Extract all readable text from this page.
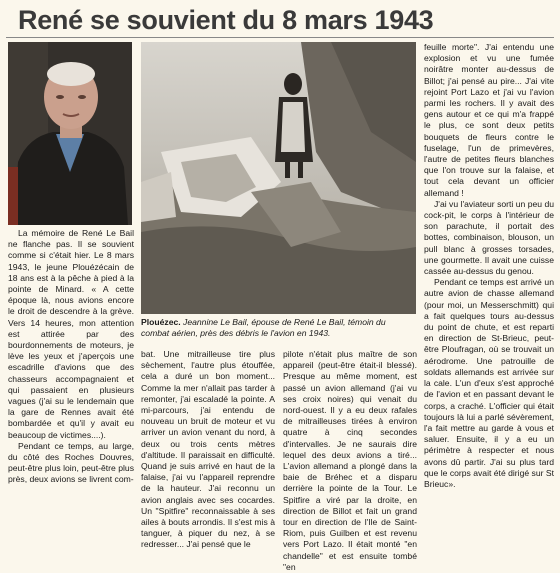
René se souvient du 8 mars 1943
Plouézec. Jeannine Le Bail, épouse de René Le Bail, témoin du combat aérien, près des débris le l'avion en 1943.

La mémoire de René Le Bail ne flanche pas. Il se souvient comme si c'était hier. Le 8 mars 1943, le jeune Plouézécain de 18 ans est à la pêche à pied à la pointe de Minard. « A cette époque là, nous avions encore le droit de descendre à la grève. Vers 14 heures, mon attention est attirée par des bourdonnements de moteurs, je lève les yeux et j'aperçois une escadrille d'avions que des chasseurs accompagnaient et qui passaient en plusieurs vagues (j'ai su le lendemain que la gare de Rennes avait été bombardée et qu'il y avait eu beaucoup de victimes....).

Pendant ce temps, au large, du côté des Roches Douvres, peut-être plus loin, peut-être plus près, deux avions se livrent com-

bat. Une mitrailleuse tire plus sèchement, l'autre plus étouffée, cela a duré un bon moment... Comme la mer n'allait pas tarder à remonter, j'ai escaladé la pointe. A mi-parcours, j'ai entendu de nouveau un bruit de moteur et vu arriver un avion venant du nord, à deux ou trois cents mètres d'altitude. Il paraissait en difficulté. Quand je suis arrivé en haut de la falaise, j'ai vu l'appareil reprendre de la hauteur. J'ai reconnu un avion anglais avec ses cocardes. Un "Spitfire" reconnaissable à ses ailes à bouts arrondis. Il s'est mis à tanguer, à piquer du nez, à se redresser... J'ai pensé que le

pilote n'était plus maître de son appareil (peut-être était-il blessé). Presque au même moment, est passé un avion allemand (j'ai vu ses croix noires) qui venait du nord-ouest. Il y a eu deux rafales de mitrailleuses tirées à environ quatre à cinq secondes d'intervalles. Je ne saurais dire lequel des deux avions a tiré... L'avion allemand a plongé dans la baie de Bréhec et a disparu derrière la pointe de la Tour. Le Spitfire a viré par la droite, en direction de Billot et fait un grand tour en direction de l'Ile de Saint-Riom, puis Guilben et est revenu vers Port Lazo. Il était monté "en chandelle" et est ensuite tombé "en

feuille morte". J'ai entendu une explosion et vu une fumée noirâtre monter au-dessus de Billot; j'ai pensé au pire... J'ai vite rejoint Port Lazo et j'ai vu l'avion parmi les rochers. Il y avait des gens autour et ce qui m'a frappé le plus, ce sont deux petits bouquets de fleurs contre le fuselage, l'un de primevères, l'autre de petites fleurs blanches que l'on trouve sur la falaise, et tout cela devant un officier allemand !

J'ai vu l'aviateur sorti un peu du cock-pit, le corps à l'intérieur de son parachute, il portait des bottes, combinaison, blouson, un pull blanc à grosses torsades, une gourmette. Il avait une cuisse cassée au-dessus du genou.

Pendant ce temps est arrivé un autre avion de chasse allemand (pour moi, un Messerschmitt) qui a fait quelques tours au-dessus du point de chute, et est reparti en direction de St-Brieuc, peut-être Ploufragan, où se trouvait un aérodrome. Une patrouille de soldats allemands est arrivée sur la cale. L'un d'eux s'est approché de l'avion et en passant devant le corps, a craché. L'officier qui était toujours là lui a parlé sévèrement, l'a fait mettre au garde à vous et saluer. Ensuite, il y a eu un périmètre à respecter et nous avons dû partir. J'ai su plus tard que le corps avait été dirigé sur St Brieuc».
